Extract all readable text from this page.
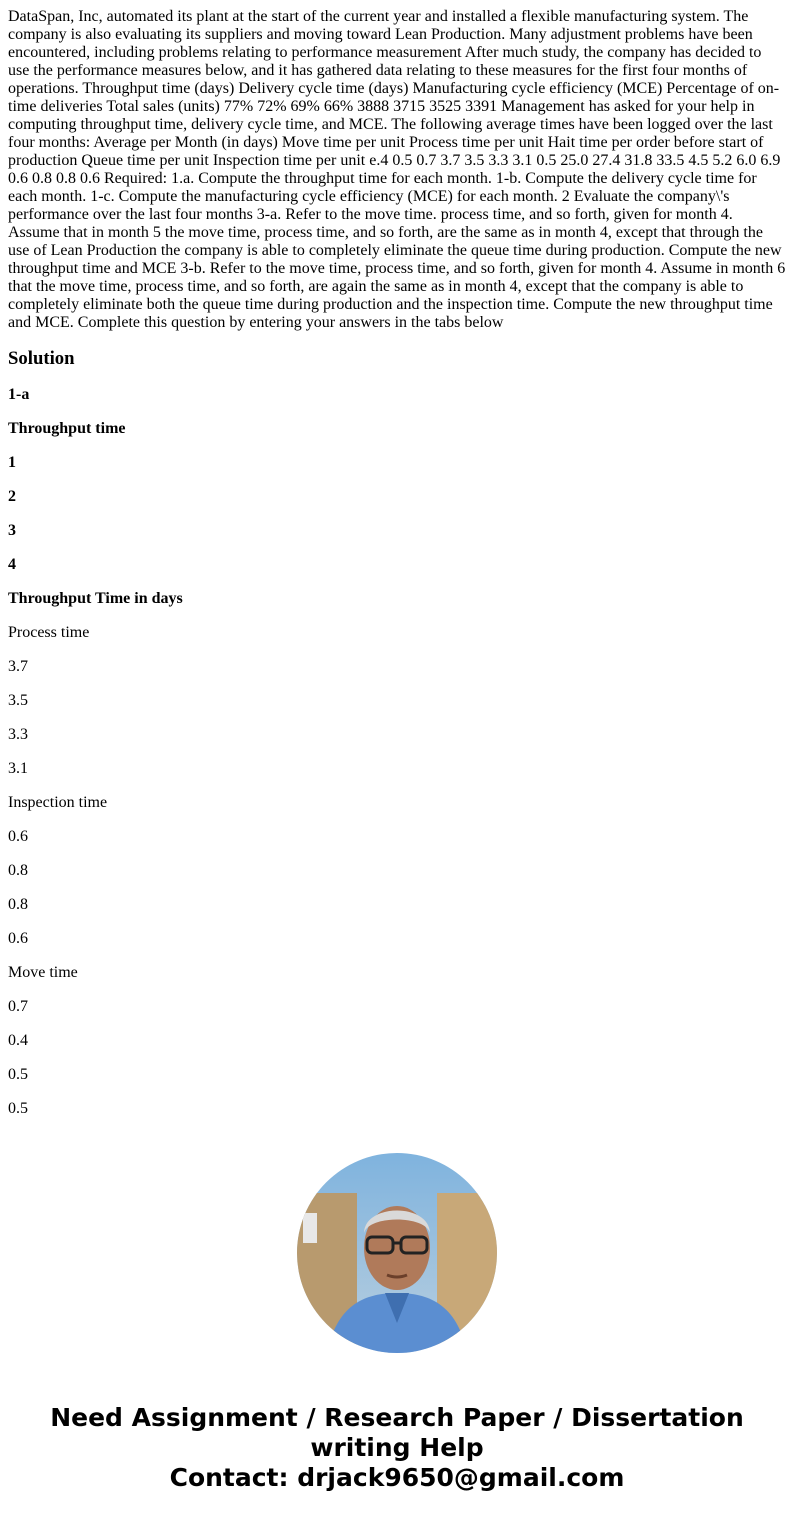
DataSpan, Inc, automated its plant at the start of the current year and installed a flexible manufacturing system. The company is also evaluating its suppliers and moving toward Lean Production. Many adjustment problems have been encountered, including problems relating to performance measurement After much study, the company has decided to use the performance measures below, and it has gathered data relating to these measures for the first four months of operations. Throughput time (days) Delivery cycle time (days) Manufacturing cycle efficiency (MCE) Percentage of on-time deliveries Total sales (units) 77% 72% 69% 66% 3888 3715 3525 3391 Management has asked for your help in computing throughput time, delivery cycle time, and MCE. The following average times have been logged over the last four months: Average per Month (in days) Move time per unit Process time per unit Hait time per order before start of production Queue time per unit Inspection time per unit e.4 0.5 0.7 3.7 3.5 3.3 3.1 0.5 25.0 27.4 31.8 33.5 4.5 5.2 6.0 6.9 0.6 0.8 0.8 0.6 Required: 1.a. Compute the throughput time for each month. 1-b. Compute the delivery cycle time for each month. 1-c. Compute the manufacturing cycle efficiency (MCE) for each month. 2 Evaluate the company\'s performance over the last four months 3-a. Refer to the move time. process time, and so forth, given for month 4. Assume that in month 5 the move time, process time, and so forth, are the same as in month 4, except that through the use of Lean Production the company is able to completely eliminate the queue time during production. Compute the new throughput time and MCE 3-b. Refer to the move time, process time, and so forth, given for month 4. Assume in month 6 that the move time, process time, and so forth, are again the same as in month 4, except that the company is able to completely eliminate both the queue time during production and the inspection time. Compute the new throughput time and MCE. Complete this question by entering your answers in the tabs below

Solution

1-a

Throughput time

1

2

3

4

Throughput Time in days

Process time

3.7

3.5

3.3

3.1

Inspection time

0.6

0.8

0.8

0.6

Move time

0.7

0.4

0.5

0.5

Need Assignment / Research Paper / Dissertation
writing Help
Contact: drjack9650@gmail.com
